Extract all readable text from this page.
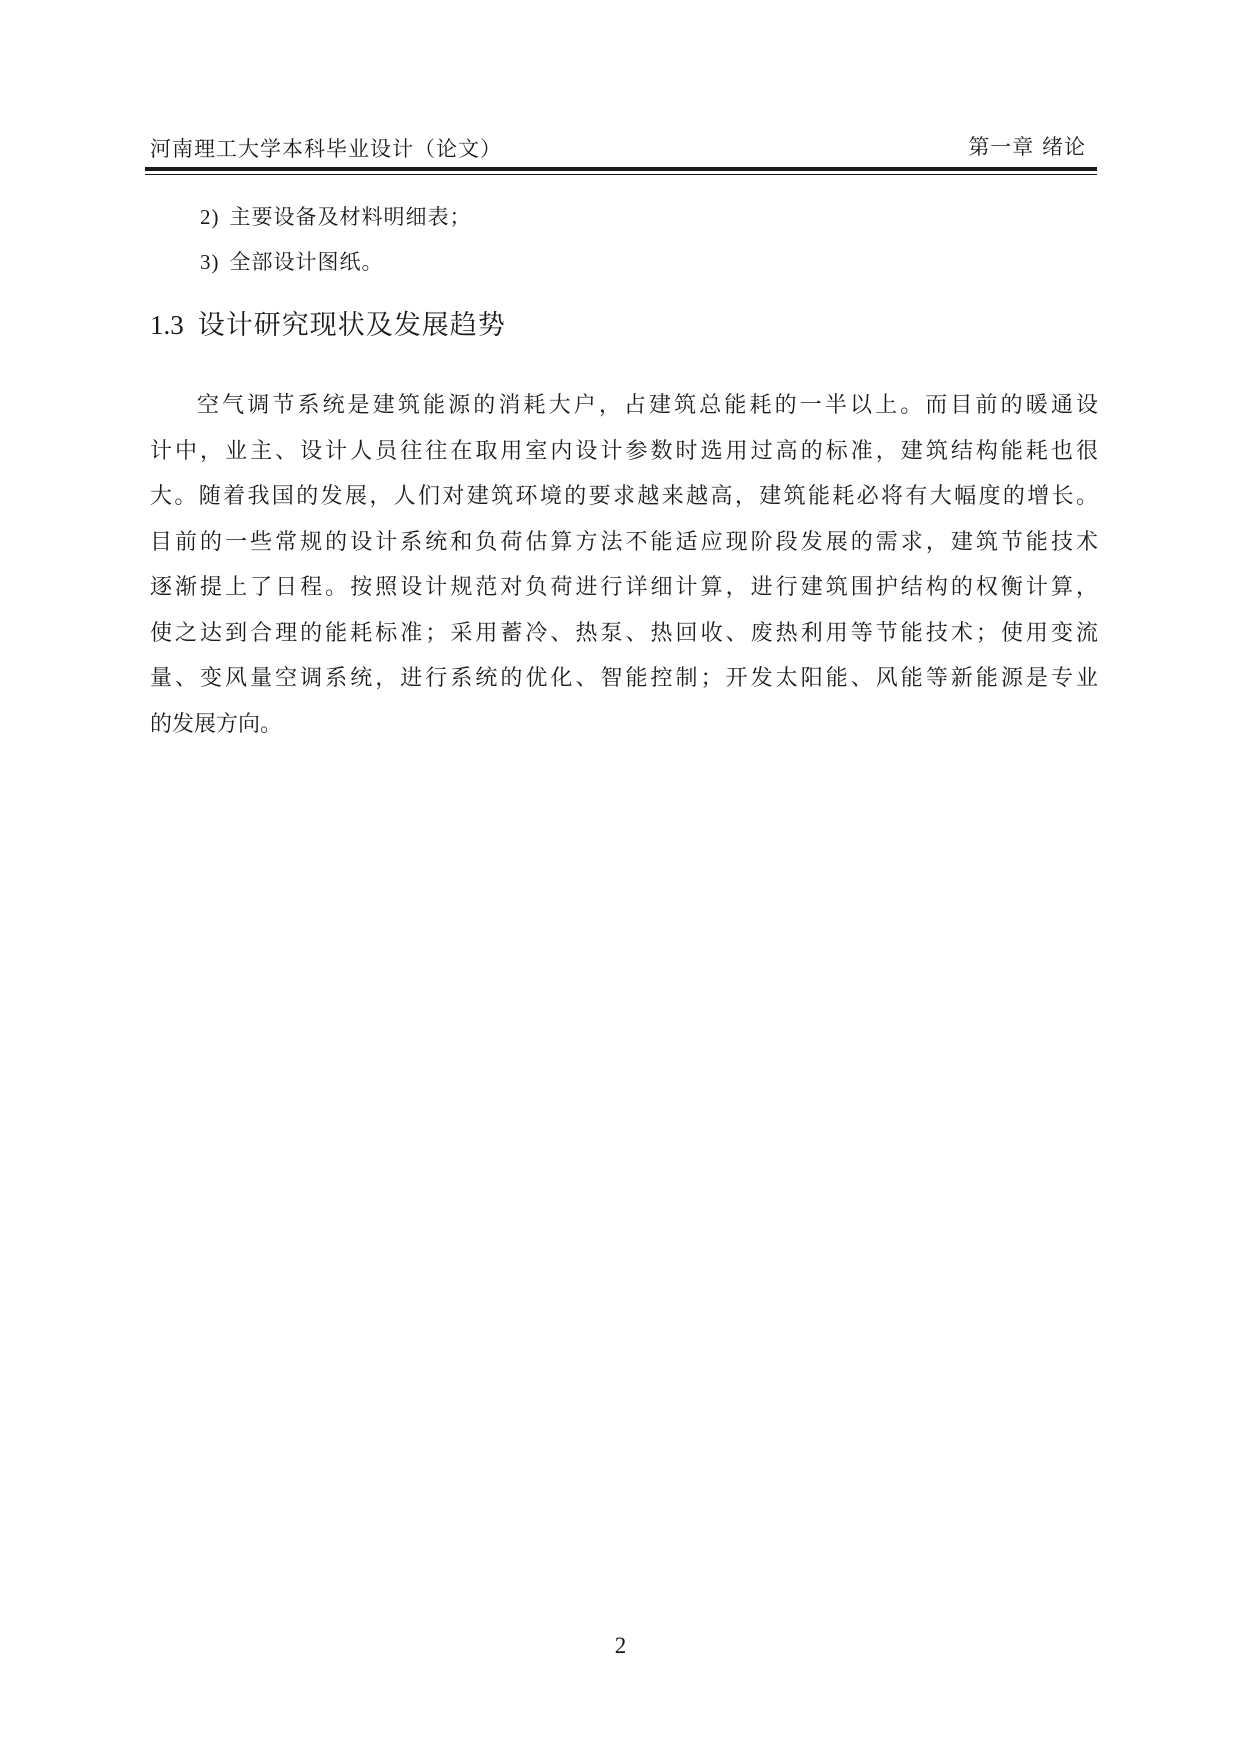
河南理工大学本科毕业设计（论文）	第一章 绪论
2) 主要设备及材料明细表；
3) 全部设计图纸。
1.3 设计研究现状及发展趋势
空气调节系统是建筑能源的消耗大户，占建筑总能耗的一半以上。而目前的暖通设
计中，业主、设计人员往往在取用室内设计参数时选用过高的标准，建筑结构能耗也很
大。随着我国的发展，人们对建筑环境的要求越来越高，建筑能耗必将有大幅度的增长。
目前的一些常规的设计系统和负荷估算方法不能适应现阶段发展的需求，建筑节能技术
逐渐提上了日程。按照设计规范对负荷进行详细计算，进行建筑围护结构的权衡计算，
使之达到合理的能耗标准；采用蓄冷、热泵、热回收、废热利用等节能技术；使用变流
量、变风量空调系统，进行系统的优化、智能控制；开发太阳能、风能等新能源是专业
的发展方向。
2
